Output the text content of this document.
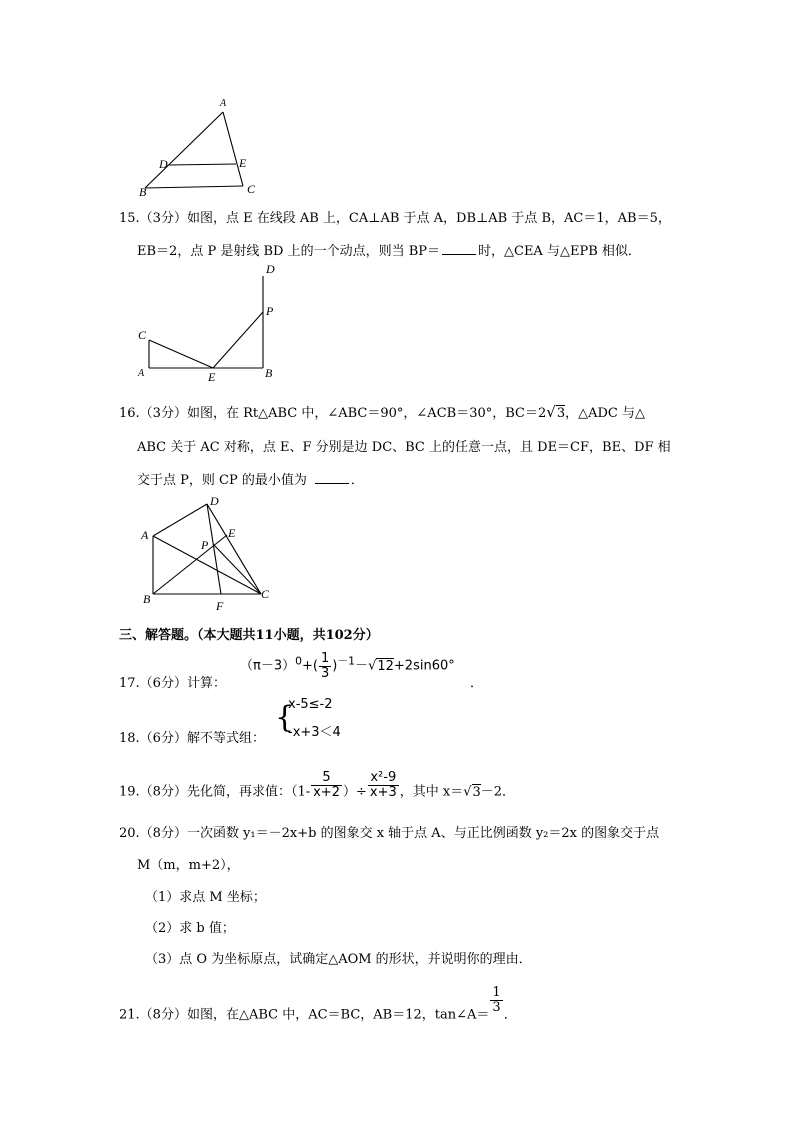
A
D	E
B	C
15.（3分）如图，点 E 在线段 AB 上，CA⊥AB 于点 A，DB⊥AB 于点 B，AC＝1，AB＝5，
EB＝2，点 P 是射线 BD 上的一个动点，则当 BP＝	时，△CEA 与△EPB 相似．
C
A	E	B
P
D
16.（3分）如图，在 Rt△ABC 中，∠ABC＝90°，∠ACB＝30°，BC＝2√3，△ADC 与△
ABC 关于 AC 对称，点 E、F 分别是边 DC、BC 上的任意一点，且 DE＝CF，BE、DF 相
交于点 P，则 CP 的最小值为	．
A
D
E
P
B	F
C
三、解答题。（本大题共11小题，共102分）
17.（6分）计算：
$(\pi-3)^0+( \frac{1}{3} )^{-1}-√12+2\sin 60^\circ$
．
18.（6分）解不等式组：
{
x-5≤-2
-x+3＜4
19.（8分）先化简，再求值：（$1- \frac{5}{x+2}$ ）÷ $\frac{\text{x²-9}}{x+3}$ ，其中 x＝√3－2．
20.（8分）一次函数 y₁＝－2x+b 的图象交 x 轴于点 A、与正比例函数 y₂＝2x 的图象交于点
M（m，m+2），
（1）求点 M 坐标；
（2）求 b 值；
（3）点 O 为坐标原点，试确定△AOM 的形状，并说明你的理由．
21.（8分）如图，在△ABC 中，AC＝BC，AB＝12，tan∠A＝
$\frac{1}{3}$
．
